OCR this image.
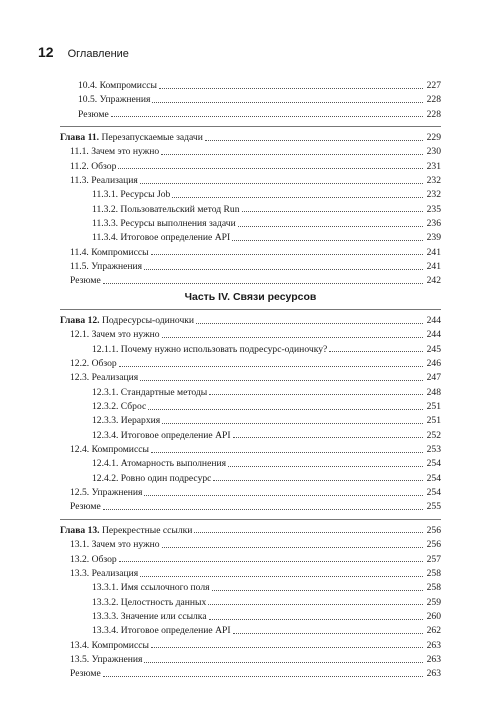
12 Оглавление
10.4. Компромиссы	227
10.5. Упражнения	228
Резюме	228
Глава 11. Перезапускаемые задачи	229
11.1. Зачем это нужно	230
11.2. Обзор	231
11.3. Реализация	232
11.3.1. Ресурсы Job	232
11.3.2. Пользовательский метод Run	235
11.3.3. Ресурсы выполнения задачи	236
11.3.4. Итоговое определение API	239
11.4. Компромиссы	241
11.5. Упражнения	241
Резюме	242
Часть IV. Связи ресурсов
Глава 12. Подресурсы-одиночки	244
12.1. Зачем это нужно	244
12.1.1. Почему нужно использовать подресурс-одиночку?	245
12.2. Обзор	246
12.3. Реализация	247
12.3.1. Стандартные методы	248
12.3.2. Сброс	251
12.3.3. Иерархия	251
12.3.4. Итоговое определение API	252
12.4. Компромиссы	253
12.4.1. Атомарность выполнения	254
12.4.2. Ровно один подресурс	254
12.5. Упражнения	254
Резюме	255
Глава 13. Перекрестные ссылки	256
13.1. Зачем это нужно	256
13.2. Обзор	257
13.3. Реализация	258
13.3.1. Имя ссылочного поля	258
13.3.2. Целостность данных	259
13.3.3. Значение или ссылка	260
13.3.4. Итоговое определение API	262
13.4. Компромиссы	263
13.5. Упражнения	263
Резюме	263
